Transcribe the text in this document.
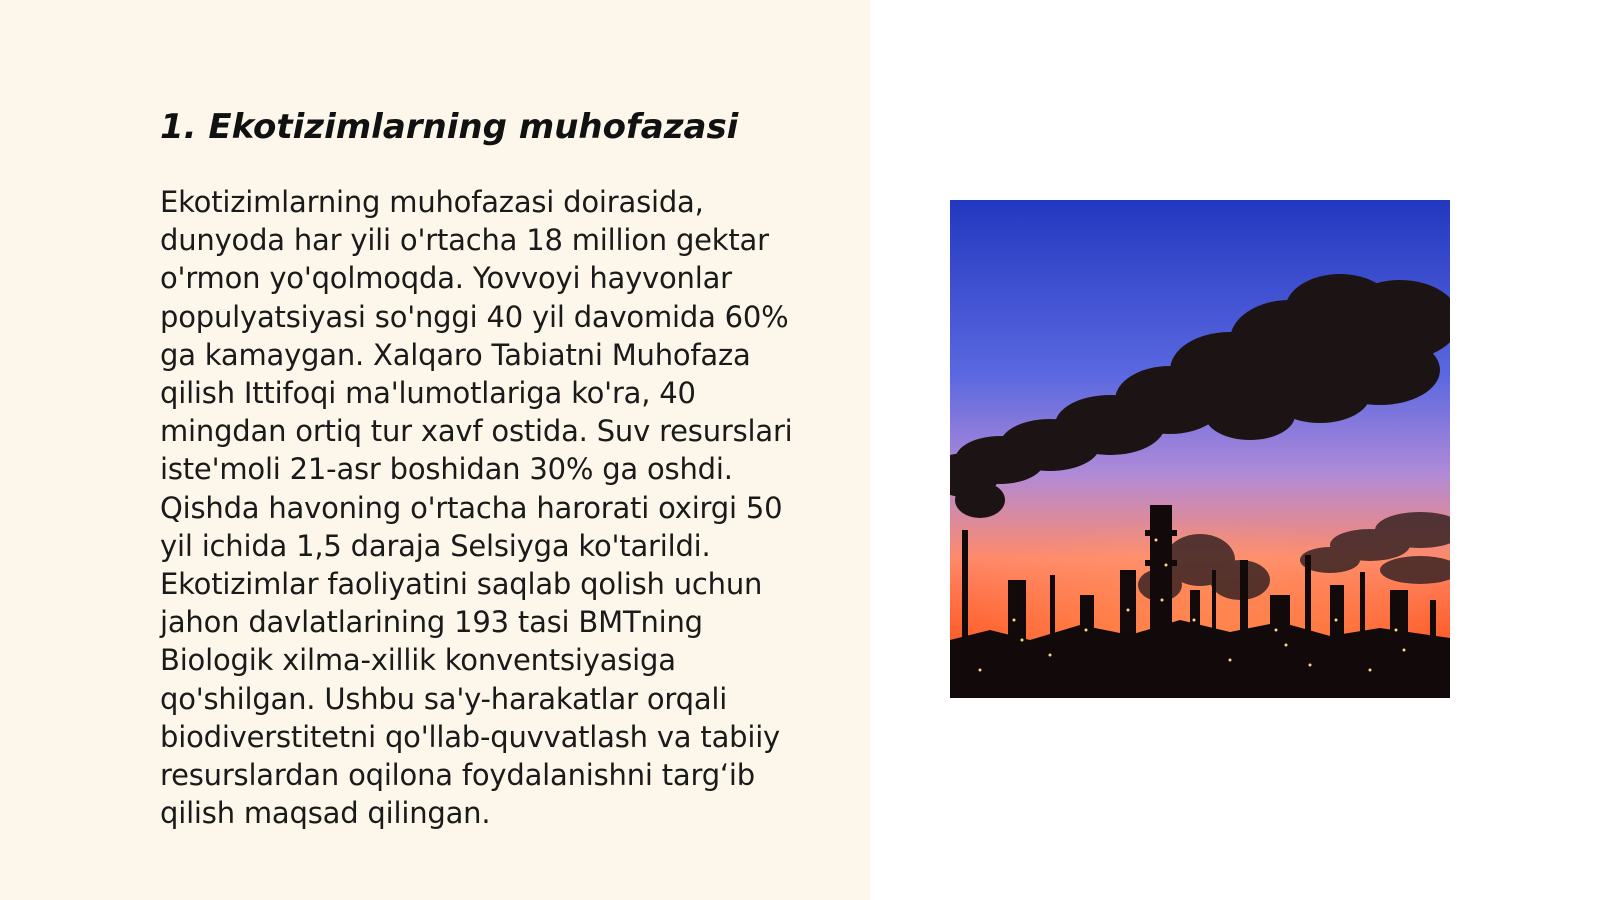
1. Ekotizimlarning muhofazasi
Ekotizimlarning muhofazasi doirasida,
dunyoda har yili o'rtacha 18 million gektar
o'rmon yo'qolmoqda. Yovvoyi hayvonlar
populyatsiyasi so'nggi 40 yil davomida 60%
ga kamaygan. Xalqaro Tabiatni Muhofaza
qilish Ittifoqi ma'lumotlariga ko'ra, 40
mingdan ortiq tur xavf ostida. Suv resurslari
iste'moli 21-asr boshidan 30% ga oshdi.
Qishda havoning o'rtacha harorati oxirgi 50
yil ichida 1,5 daraja Selsiyga ko'tarildi.
Ekotizimlar faoliyatini saqlab qolish uchun
jahon davlatlarining 193 tasi BMTning
Biologik xilma-xillik konventsiyasiga
qo'shilgan. Ushbu sa'y-harakatlar orqali
biodiverstitetni qo'llab-quvvatlash va tabiiy
resurslardan oqilona foydalanishni targ‘ib
qilish maqsad qilingan.
